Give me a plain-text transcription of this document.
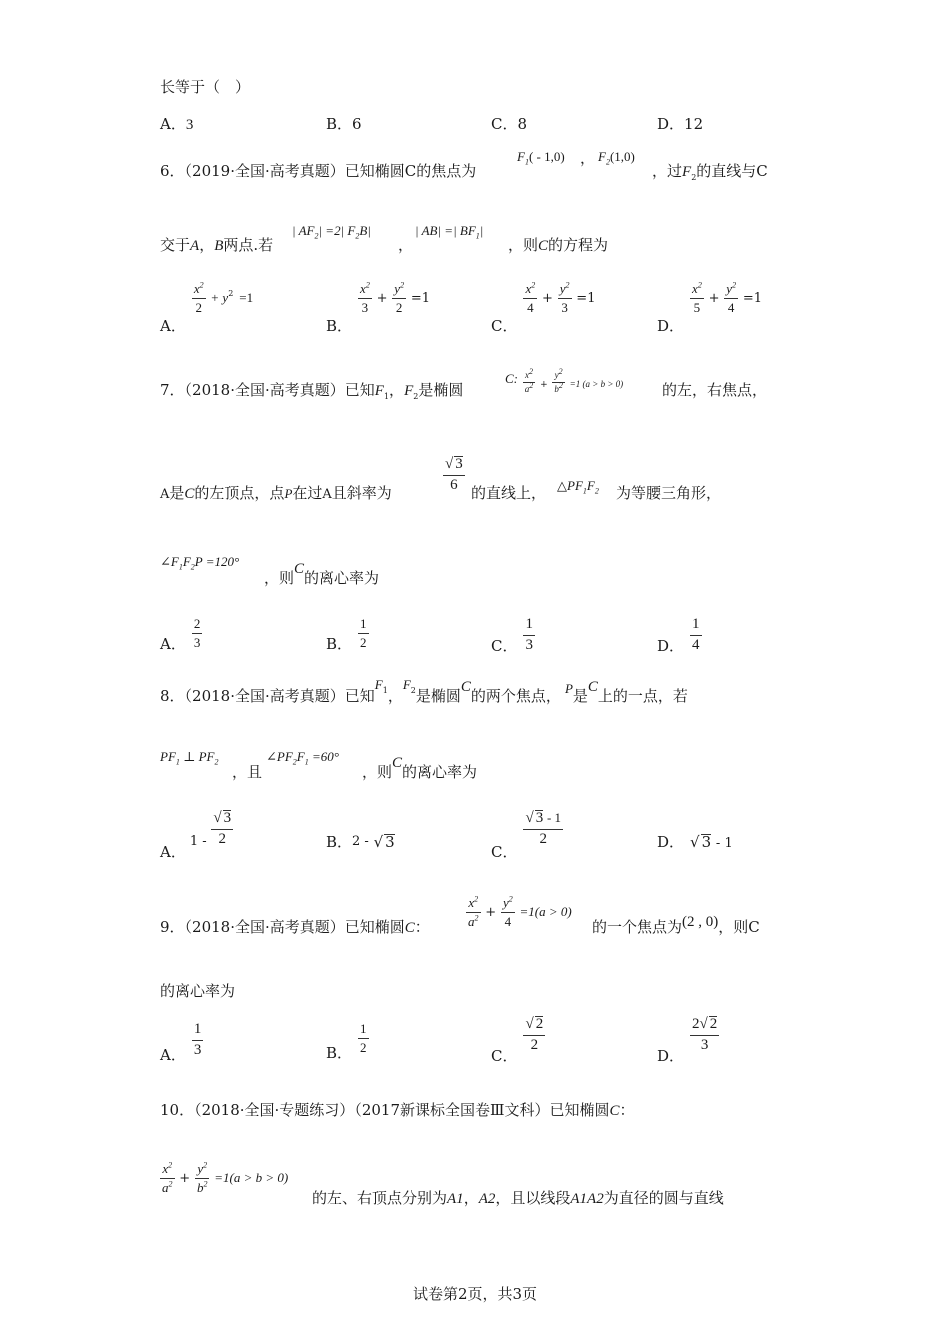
长等于（　）
A．3	B．6	C．8	D．12
6．（2019·全国·高考真题）已知椭圆C的焦点为
$F_1( - 1,0)$ ， $F_2(1,0)$
，过$F_2$的直线与C
交于A，B两点.若
| $AF_2| =2|$ $F_2B|$
，
| AB| =| $BF_1|$
，则C的方程为
A．
$\frac{x^2}{2} + y^2 =1$
B．
$\frac{x^2}{3} + \frac{y^2}{2} =1$
C．
$\frac{x^2}{4} + \frac{y^2}{3} =1$
D．
$\frac{x^2}{5} + \frac{y^2}{4} =1$
7．（2018·全国·高考真题）已知$F_1$，$F_2$是椭圆
C: $\frac{x^2}{a^2} + \frac{y^2}{b^2} =1$ (a > b > 0)	的左，右焦点，
A是C的左顶点，点P在过A且斜率为	$\frac{√ 3}{6}$ 的直线上， $\triangle PF_1F_2$ 为等腰三角形，
$\angle F_1F_2P =120^\circ$
，则C的离心率为
A． $\frac{2}{3}$	B． $\frac{1}{2}$	C． $\frac{1}{3}$	D． $\frac{1}{4}$
8．（2018·全国·高考真题）已知$F_1$，$F_2$是椭圆C的两个焦点， P是C上的一点，若
$PF_1$ ⊥ $PF_2$
，且
$\angle PF_2F_1 =60^\circ$
，则C的离心率为
A．$1 - \frac{√ 3}{2}$	B．2 - √ 3
C．
$\frac{√ 3 - 1}{2}$	D． √ 3 - 1
9．（2018·全国·高考真题）已知椭圆C：	$\frac{x^2}{a^2} + \frac{y^2}{4} =1(a > 0)$
的一个焦点为(2 , 0)，则C
的离心率为
A． $\frac{1}{3}$	B． $\frac{1}{2}$
C．
$\frac{√ 2}{2}$
D．
$\frac{2√ 2}{3}$
10．（2018·全国·专题练习）（2017新课标全国卷Ⅲ文科）已知椭圆C：
$\frac{x^2}{a^2} + \frac{y^2}{b^2} =1(a > b > 0)$
的左、右顶点分别为A1，A2，且以线段A1A2为直径的圆与直线
试卷第2页，共3页
